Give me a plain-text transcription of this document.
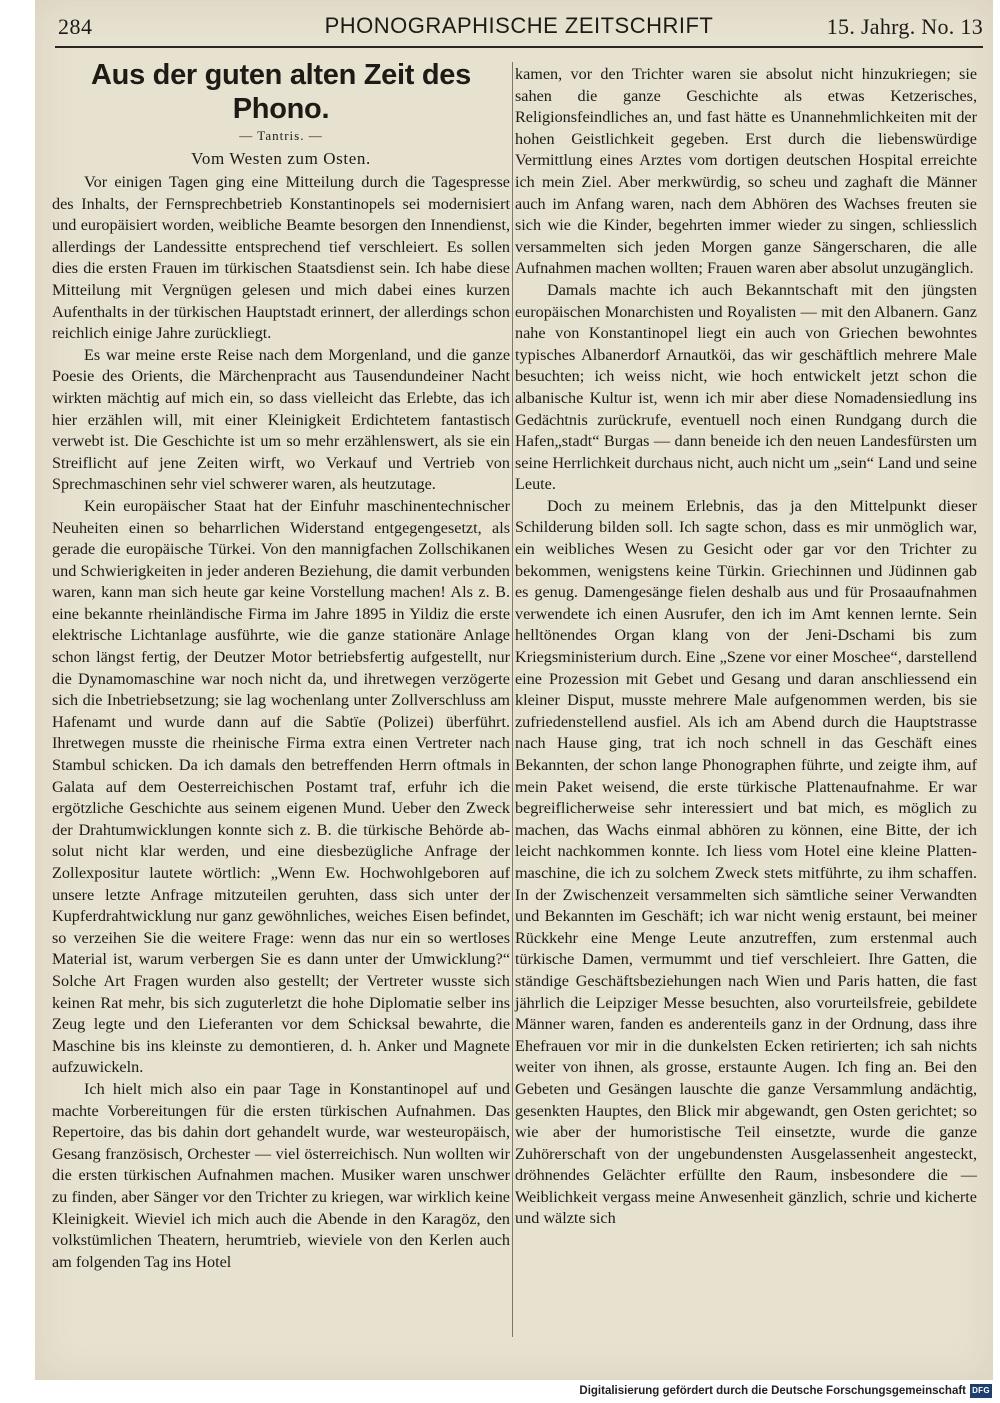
284	PHONOGRAPHISCHE ZEITSCHRIFT	15. Jahrg. No. 13
Aus der guten alten Zeit des Phono.
— Tantris. —
Vom Westen zum Osten.

Vor einigen Tagen ging eine Mitteilung durch die Tagespresse des Inhalts, der Fernsprechbetrieb Konstantinopels sei modernisiert und europäisiert worden, weibliche Beamte besorgen den Innendienst, allerdings der Landessitte entsprechend tief verschleiert. Es sollen dies die ersten Frauen im türkischen Staatsdienst sein. Ich habe diese Mitteilung mit Vergnügen gelesen und mich dabei eines kurzen Aufenthalts in der türkischen Hauptstadt erinnert, der allerdings schon reichlich einige Jahre zurückliegt.

Es war meine erste Reise nach dem Morgenland, und die ganze Poesie des Orients, die Märchenpracht aus Tausendundeiner Nacht wirkten mächtig auf mich ein, so dass vielleicht das Erlebte, das ich hier erzählen will, mit einer Kleinigkeit Erdichtetem fantastisch verwebt ist. Die Geschichte ist um so mehr erzählenswert, als sie ein Streiflicht auf jene Zeiten wirft, wo Verkauf und Vertrieb von Sprechmaschinen sehr viel schwerer waren, als heutzutage.

Kein europäischer Staat hat der Einfuhr maschinentechnischer Neuheiten einen so beharrlichen Widerstand entgegengesetzt, als gerade die europäische Türkei. Von den mannigfachen Zollschikanen und Schwierigkeiten in jeder anderen Beziehung, die damit verbunden waren, kann man sich heute gar keine Vorstellung machen! Als z. B. eine bekannte rheinländische Firma im Jahre 1895 in Yildiz die erste elektrische Lichtanlage ausführte, wie die ganze stationäre Anlage schon längst fertig, der Deutzer Motor betriebsfertig aufgestellt, nur die Dynamomaschine war noch nicht da, und ihretwegen verzögerte sich die Inbetriebsetzung; sie lag wochenlang unter Zollverschluss am Hafenamt und wurde dann auf die Sabtïe (Polizei) überführt. Ihretwegen musste die rheinische Firma extra einen Vertreter nach Stambul schicken. Da ich damals den betreffenden Herrn oftmals in Galata auf dem Oesterreichischen Postamt traf, erfuhr ich die ergötzliche Geschichte aus seinem eigenen Mund. Ueber den Zweck der Drahtumwicklungen konnte sich z. B. die türkische Behörde absolut nicht klar werden, und eine diesbezügliche Anfrage der Zollexpositur lautete wörtlich: „Wenn Ew. Hochwohlgeboren auf unsere letzte Anfrage mitzuteilen geruhten, dass sich unter der Kupferdrahtwicklung nur ganz gewöhnliches, weiches Eisen befindet, so verzeihen Sie die weitere Frage: wenn das nur ein so wertloses Material ist, warum verbergen Sie es dann unter der Umwicklung?“ Solche Art Fragen wurden also gestellt; der Vertreter wusste sich keinen Rat mehr, bis sich zuguterletzt die hohe Diplomatie selber ins Zeug legte und den Lieferanten vor dem Schicksal bewahrte, die Maschine bis ins kleinste zu demontieren, d. h. Anker und Magnete aufzuwickeln.

Ich hielt mich also ein paar Tage in Konstantinopel auf und machte Vorbereitungen für die ersten türkischen Aufnahmen. Das Repertoire, das bis dahin dort gehandelt wurde, war westeuropäisch, Gesang französisch, Orchester — viel österreichisch. Nun wollten wir die ersten türkischen Aufnahmen machen. Musiker waren unschwer zu finden, aber Sänger vor den Trichter zu kriegen, war wirklich keine Kleinigkeit. Wieviel ich mich auch die Abende in den Karagöz, den volkstümlichen Theatern, herumtrieb, wieviele von den Kerlen auch am folgenden Tag ins Hotel

kamen, vor den Trichter waren sie absolut nicht hinzukriegen; sie sahen die ganze Geschichte als etwas Ketzerisches, Religionsfeindliches an, und fast hätte es Unannehmlichkeiten mit der hohen Geistlichkeit gegeben. Erst durch die liebenswürdige Vermittlung eines Arztes vom dortigen deutschen Hospital erreichte ich mein Ziel. Aber merkwürdig, so scheu und zaghaft die Männer auch im Anfang waren, nach dem Abhören des Wachses freuten sie sich wie die Kinder, begehrten immer wieder zu singen, schliesslich versammelten sich jeden Morgen ganze Sängerscharen, die alle Aufnahmen machen wollten; Frauen waren aber absolut unzugänglich.

Damals machte ich auch Bekanntschaft mit den jüngsten europäischen Monarchisten und Royalisten — mit den Albanern. Ganz nahe von Konstantinopel liegt ein auch von Griechen bewohntes typisches Albanerdorf Arnautköi, das wir geschäftlich mehrere Male besuchten; ich weiss nicht, wie hoch entwickelt jetzt schon die albanische Kultur ist, wenn ich mir aber diese Nomadensiedlung ins Gedächtnis zurückrufe, eventuell noch einen Rundgang durch die Hafen„stadt“ Burgas — dann beneide ich den neuen Landesfürsten um seine Herrlichkeit durchaus nicht, auch nicht um „sein“ Land und seine Leute.

Doch zu meinem Erlebnis, das ja den Mittelpunkt dieser Schilderung bilden soll. Ich sagte schon, dass es mir unmöglich war, ein weibliches Wesen zu Gesicht oder gar vor den Trichter zu bekommen, wenigstens keine Türkin. Griechinnen und Jüdinnen gab es genug. Damengesänge fielen deshalb aus und für Prosaaufnahmen verwendete ich einen Ausrufer, den ich im Amt kennen lernte. Sein helltönendes Organ klang von der Jeni-Dschami bis zum Kriegsministerium durch. Eine „Szene vor einer Moschee“, darstellend eine Prozession mit Gebet und Gesang und daran anschliessend ein kleiner Disput, musste mehrere Male aufgenommen werden, bis sie zufriedenstellend ausfiel. Als ich am Abend durch die Hauptstrasse nach Hause ging, trat ich noch schnell in das Geschäft eines Bekannten, der schon lange Phonographen führte, und zeigte ihm, auf mein Paket weisend, die erste türkische Plattenaufnahme. Er war begreiflicherweise sehr interessiert und bat mich, es möglich zu machen, das Wachs einmal abhören zu können, eine Bitte, der ich leicht nachkommen konnte. Ich liess vom Hotel eine kleine Plattenmaschine, die ich zu solchem Zweck stets mitführte, zu ihm schaffen. In der Zwischenzeit versammelten sich sämtliche seiner Verwandten und Bekannten im Geschäft; ich war nicht wenig erstaunt, bei meiner Rückkehr eine Menge Leute anzutreffen, zum erstenmal auch türkische Damen, vermummt und tief verschleiert. Ihre Gatten, die ständige Geschäftsbeziehungen nach Wien und Paris hatten, die fast jährlich die Leipziger Messe besuchten, also vorurteilsfreie, gebildete Männer waren, fanden es anderenteils ganz in der Ordnung, dass ihre Ehefrauen vor mir in die dunkelsten Ecken retirierten; ich sah nichts weiter von ihnen, als grosse, erstaunte Augen. Ich fing an. Bei den Gebeten und Gesängen lauschte die ganze Versammlung andächtig, gesenkten Hauptes, den Blick mir abgewandt, gen Osten gerichtet; so wie aber der humoristische Teil einsetzte, wurde die ganze Zuhörerschaft von der ungebundensten Ausgelassenheit angesteckt, dröhnendes Gelächter erfüllte den Raum, insbesondere die — Weiblichkeit vergass meine Anwesenheit gänzlich, schrie und kicherte und wälzte sich

Digitalisierung gefördert durch die Deutsche Forschungsgemeinschaft DFG
